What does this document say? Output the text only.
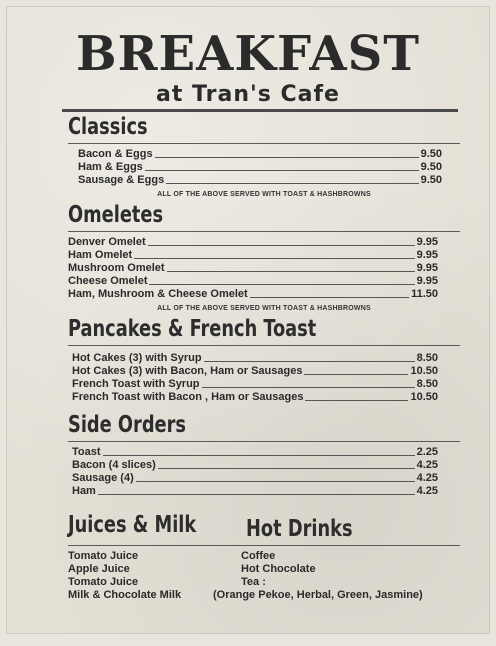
BREAKFAST
at Tran's Cafe
Classics
Bacon & Eggs	9.50
Ham & Eggs	9.50
Sausage & Eggs	9.50
ALL OF THE ABOVE SERVED WITH TOAST & HASHBROWNS
Omeletes
Denver Omelet	9.95
Ham Omelet	9.95
Mushroom Omelet	9.95
Cheese Omelet	9.95
Ham, Mushroom & Cheese Omelet	11.50
ALL OF THE ABOVE SERVED WITH TOAST & HASHBROWNS
Pancakes & French Toast
Hot Cakes (3) with Syrup	8.50
Hot Cakes (3) with Bacon, Ham or Sausages	10.50
French Toast with Syrup	8.50
French Toast with Bacon , Ham or Sausages	10.50
Side Orders
Toast	2.25
Bacon (4 slices)	4.25
Sausage (4)	4.25
Ham	4.25
Juices & Milk Hot Drinks
Tomato Juice
Apple Juice
Tomato Juice
Milk & Chocolate Milk
Coffee
Hot Chocolate
Tea :
(Orange Pekoe, Herbal, Green, Jasmine)
